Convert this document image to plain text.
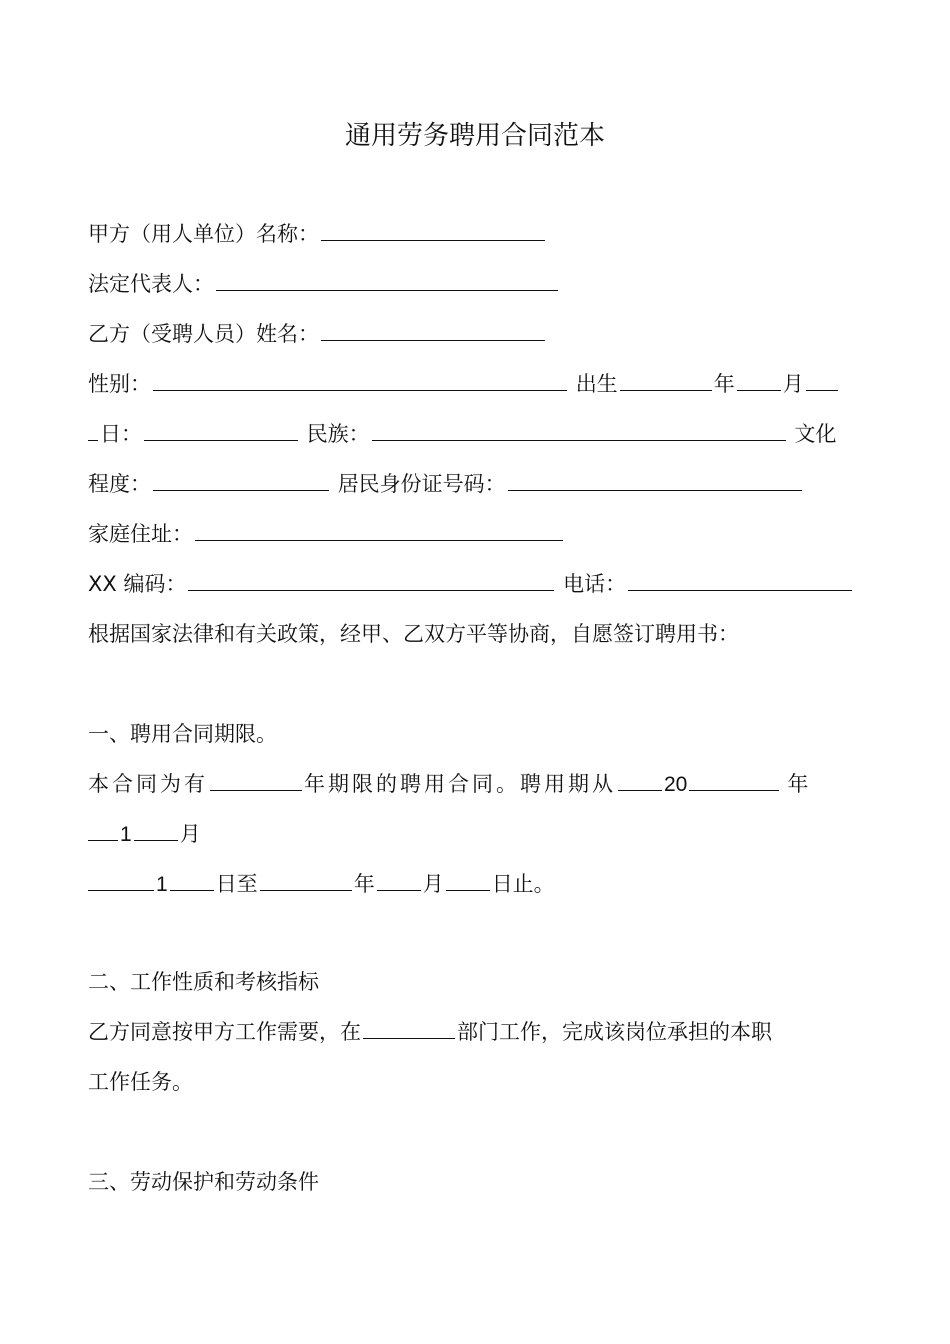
通用劳务聘用合同范本
甲方（用人单位）名称：
法定代表人：
乙方（受聘人员）姓名：
性别：	出生	年 月
日：	民族：	文化
程度：	居民身份证号码：
家庭住址：
XX 编码：	电话：
根据国家法律和有关政策，经甲、乙双方平等协商，自愿签订聘用书：
一、聘用合同期限。
本合同为有	年期限的聘用合同。聘用期从 20	年
1 月
1 日至	年 月 日止。
二、工作性质和考核指标
乙方同意按甲方工作需要，在	部门工作，完成该岗位承担的本职
工作任务。
三、劳动保护和劳动条件
